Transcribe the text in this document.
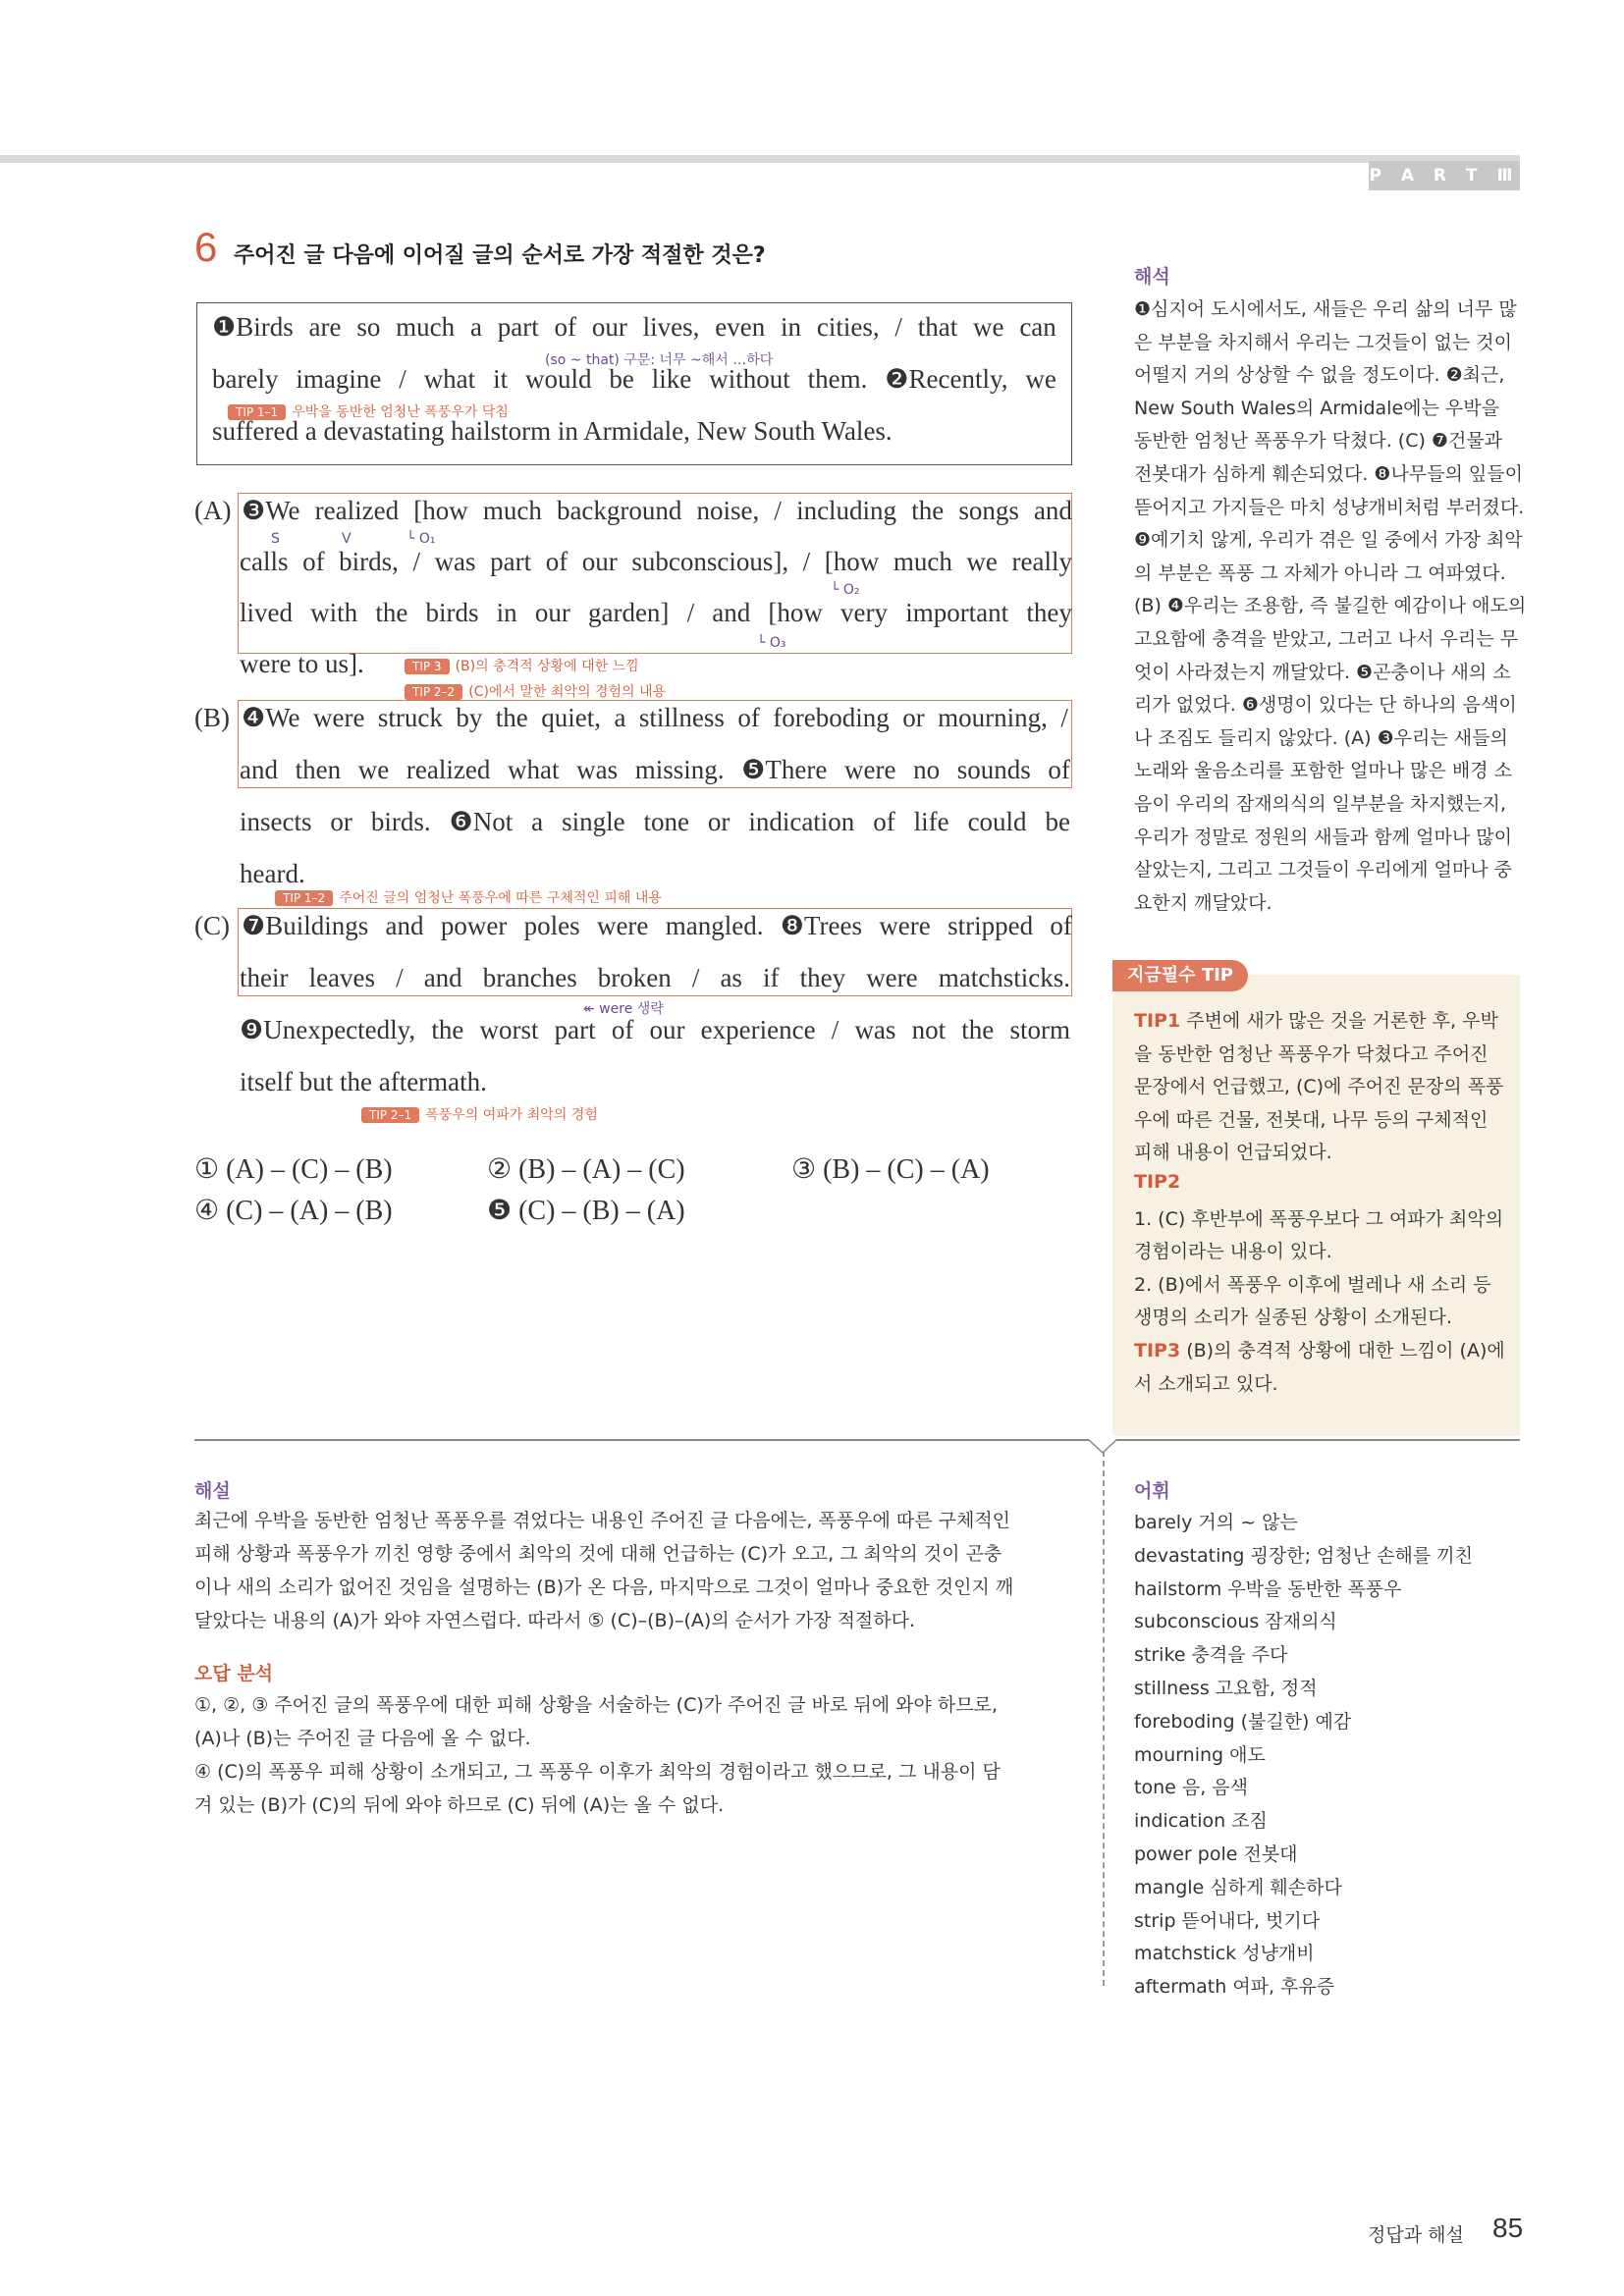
P A R T Ⅲ
6 주어진 글 다음에 이어질 글의 순서로 가장 적절한 것은?
❶Birds are so much a part of our lives, even in cities, / that we can
(so ~ that) 구문: 너무 ~해서 …하다
barely imagine / what it would be like without them. ❷Recently, we
TIP 1–1 우박을 동반한 엄청난 폭풍우가 닥침
suffered a devastating hailstorm in Armidale, New South Wales.
(A) ❸We realized [how much background noise, / including the songs and
S	V	└ O₁
calls of birds, / was part of our subconscious], / [how much we really
└ O₂
lived with the birds in our garden] / and [how very important they
└ O₃
were to us].	TIP 3 (B)의 충격적 상황에 대한 느낌
TIP 2–2 (C)에서 말한 최악의 경험의 내용
(B) ❹We were struck by the quiet, a stillness of foreboding or mourning, /
and then we realized what was missing. ❺There were no sounds of
insects or birds. ❻Not a single tone or indication of life could be
heard.
TIP 1–2 주어진 글의 엄청난 폭풍우에 따른 구체적인 피해 내용
(C) ❼Buildings and power poles were mangled. ❽Trees were stripped of
their leaves / and branches broken / as if they were matchsticks.
↞ were 생략
❾Unexpectedly, the worst part of our experience / was not the storm
itself but the aftermath.
TIP 2–1 폭풍우의 여파가 최악의 경험
① (A) – (C) – (B)	② (B) – (A) – (C)	③ (B) – (C) – (A)
④ (C) – (A) – (B)	❺ (C) – (B) – (A)
해석
❶심지어 도시에서도, 새들은 우리 삶의 너무 많
은 부분을 차지해서 우리는 그것들이 없는 것이
어떨지 거의 상상할 수 없을 정도이다. ❷최근,
New South Wales의 Armidale에는 우박을
동반한 엄청난 폭풍우가 닥쳤다. (C) ❼건물과
전봇대가 심하게 훼손되었다. ❽나무들의 잎들이
뜯어지고 가지들은 마치 성냥개비처럼 부러졌다.
❾예기치 않게, 우리가 겪은 일 중에서 가장 최악
의 부분은 폭풍 그 자체가 아니라 그 여파였다.
(B) ❹우리는 조용함, 즉 불길한 예감이나 애도의
고요함에 충격을 받았고, 그러고 나서 우리는 무
엇이 사라졌는지 깨달았다. ❺곤충이나 새의 소
리가 없었다. ❻생명이 있다는 단 하나의 음색이
나 조짐도 들리지 않았다. (A) ❸우리는 새들의
노래와 울음소리를 포함한 얼마나 많은 배경 소
음이 우리의 잠재의식의 일부분을 차지했는지,
우리가 정말로 정원의 새들과 함께 얼마나 많이
살았는지, 그리고 그것들이 우리에게 얼마나 중
요한지 깨달았다.
지금필수 TIP
TIP1 주변에 새가 많은 것을 거론한 후, 우박
을 동반한 엄청난 폭풍우가 닥쳤다고 주어진
문장에서 언급했고, (C)에 주어진 문장의 폭풍
우에 따른 건물, 전봇대, 나무 등의 구체적인
피해 내용이 언급되었다.
TIP2
1. (C) 후반부에 폭풍우보다 그 여파가 최악의
경험이라는 내용이 있다.
2. (B)에서 폭풍우 이후에 벌레나 새 소리 등
생명의 소리가 실종된 상황이 소개된다.
TIP3 (B)의 충격적 상황에 대한 느낌이 (A)에
서 소개되고 있다.
해설
최근에 우박을 동반한 엄청난 폭풍우를 겪었다는 내용인 주어진 글 다음에는, 폭풍우에 따른 구체적인
피해 상황과 폭풍우가 끼친 영향 중에서 최악의 것에 대해 언급하는 (C)가 오고, 그 최악의 것이 곤충
이나 새의 소리가 없어진 것임을 설명하는 (B)가 온 다음, 마지막으로 그것이 얼마나 중요한 것인지 깨
달았다는 내용의 (A)가 와야 자연스럽다. 따라서 ⑤ (C)–(B)–(A)의 순서가 가장 적절하다.
오답 분석
①, ②, ③ 주어진 글의 폭풍우에 대한 피해 상황을 서술하는 (C)가 주어진 글 바로 뒤에 와야 하므로,
(A)나 (B)는 주어진 글 다음에 올 수 없다.
④ (C)의 폭풍우 피해 상황이 소개되고, 그 폭풍우 이후가 최악의 경험이라고 했으므로, 그 내용이 담
겨 있는 (B)가 (C)의 뒤에 와야 하므로 (C) 뒤에 (A)는 올 수 없다.
어휘
barely 거의 ~ 않는
devastating 굉장한; 엄청난 손해를 끼친
hailstorm 우박을 동반한 폭풍우
subconscious 잠재의식
strike 충격을 주다
stillness 고요함, 정적
foreboding (불길한) 예감
mourning 애도
tone 음, 음색
indication 조짐
power pole 전봇대
mangle 심하게 훼손하다
strip 뜯어내다, 벗기다
matchstick 성냥개비
aftermath 여파, 후유증
정답과 해설 85
